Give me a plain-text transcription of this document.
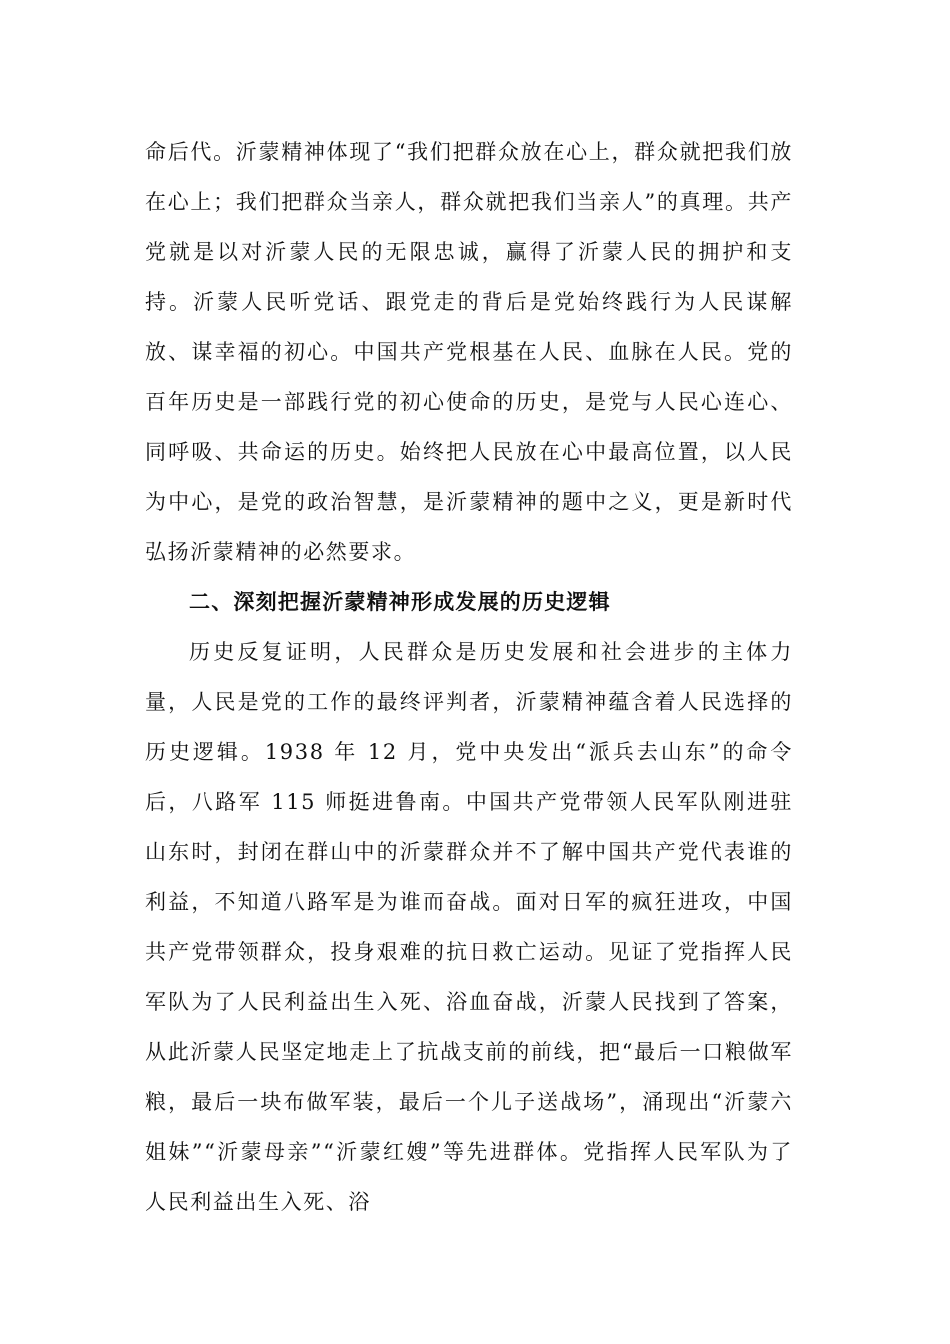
命后代。沂蒙精神体现了“我们把群众放在心上，群众就把我们放在心上；我们把群众当亲人，群众就把我们当亲人”的真理。共产党就是以对沂蒙人民的无限忠诚，赢得了沂蒙人民的拥护和支持。沂蒙人民听党话、跟党走的背后是党始终践行为人民谋解放、谋幸福的初心。中国共产党根基在人民、血脉在人民。党的百年历史是一部践行党的初心使命的历史，是党与人民心连心、同呼吸、共命运的历史。始终把人民放在心中最高位置，以人民为中心，是党的政治智慧，是沂蒙精神的题中之义，更是新时代弘扬沂蒙精神的必然要求。

二、深刻把握沂蒙精神形成发展的历史逻辑

历史反复证明，人民群众是历史发展和社会进步的主体力量，人民是党的工作的最终评判者，沂蒙精神蕴含着人民选择的历史逻辑。1938 年 12 月，党中央发出“派兵去山东”的命令后，八路军 115 师挺进鲁南。中国共产党带领人民军队刚进驻山东时，封闭在群山中的沂蒙群众并不了解中国共产党代表谁的利益，不知道八路军是为谁而奋战。面对日军的疯狂进攻，中国共产党带领群众，投身艰难的抗日救亡运动。见证了党指挥人民军队为了人民利益出生入死、浴血奋战，沂蒙人民找到了答案，从此沂蒙人民坚定地走上了抗战支前的前线，把“最后一口粮做军粮，最后一块布做军装，最后一个儿子送战场”，涌现出“沂蒙六姐妹”“沂蒙母亲”“沂蒙红嫂”等先进群体。党指挥人民军队为了人民利益出生入死、浴
